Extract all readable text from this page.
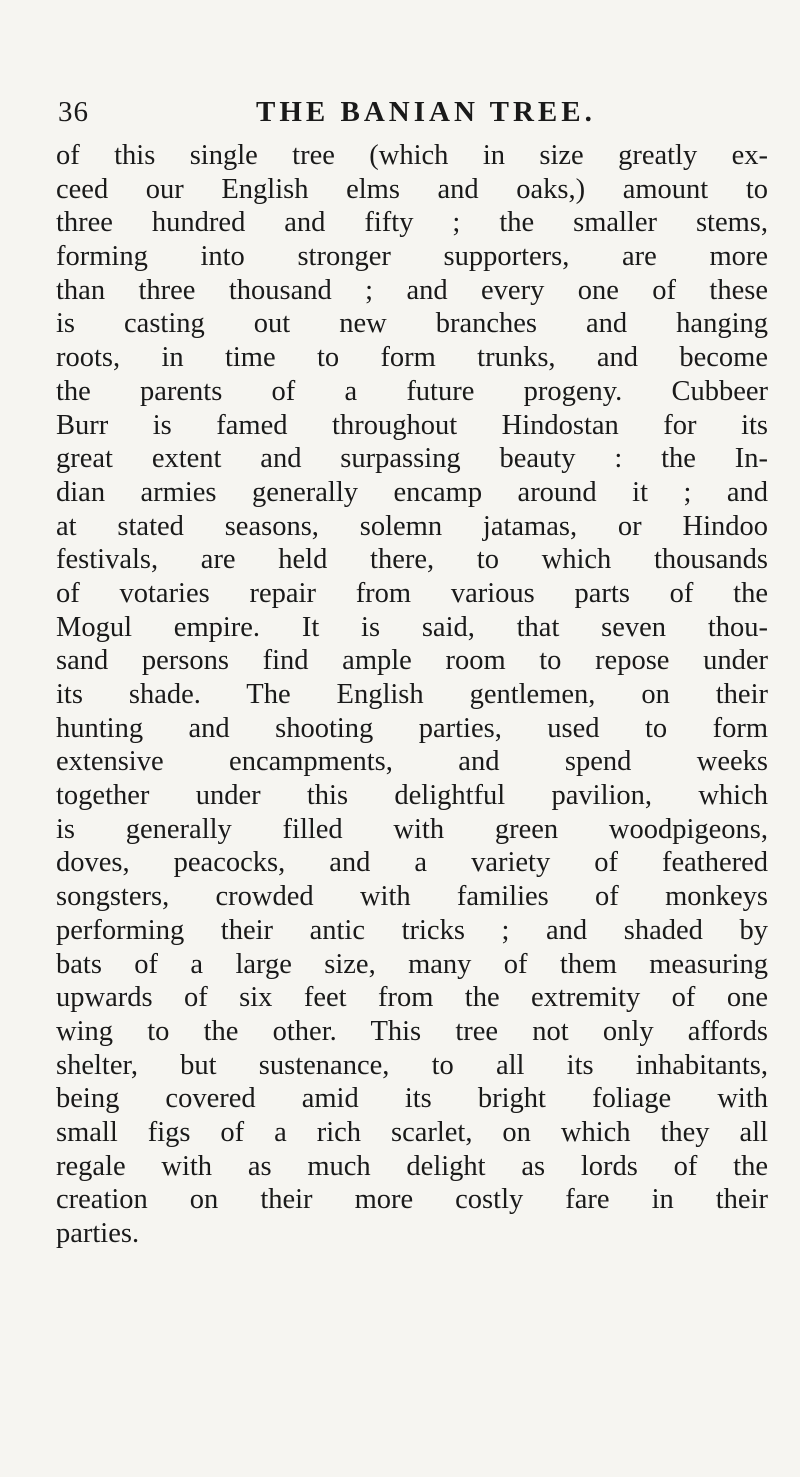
36	THE BANIAN TREE.
of this single tree (which in size greatly ex-
ceed our English elms and oaks,) amount to
three hundred and fifty ; the smaller stems,
forming into stronger supporters, are more
than three thousand ; and every one of these
is casting out new branches and hanging
roots, in time to form trunks, and become
the parents of a future progeny. Cubbeer
Burr is famed throughout Hindostan for its
great extent and surpassing beauty : the In-
dian armies generally encamp around it ; and
at stated seasons, solemn jatamas, or Hindoo
festivals, are held there, to which thousands
of votaries repair from various parts of the
Mogul empire. It is said, that seven thou-
sand persons find ample room to repose under
its shade. The English gentlemen, on their
hunting and shooting parties, used to form
extensive encampments, and spend weeks
together under this delightful pavilion, which
is generally filled with green woodpigeons,
doves, peacocks, and a variety of feathered
songsters, crowded with families of monkeys
performing their antic tricks ; and shaded by
bats of a large size, many of them measuring
upwards of six feet from the extremity of one
wing to the other. This tree not only affords
shelter, but sustenance, to all its inhabitants,
being covered amid its bright foliage with
small figs of a rich scarlet, on which they all
regale with as much delight as lords of the
creation on their more costly fare in their
parties.
